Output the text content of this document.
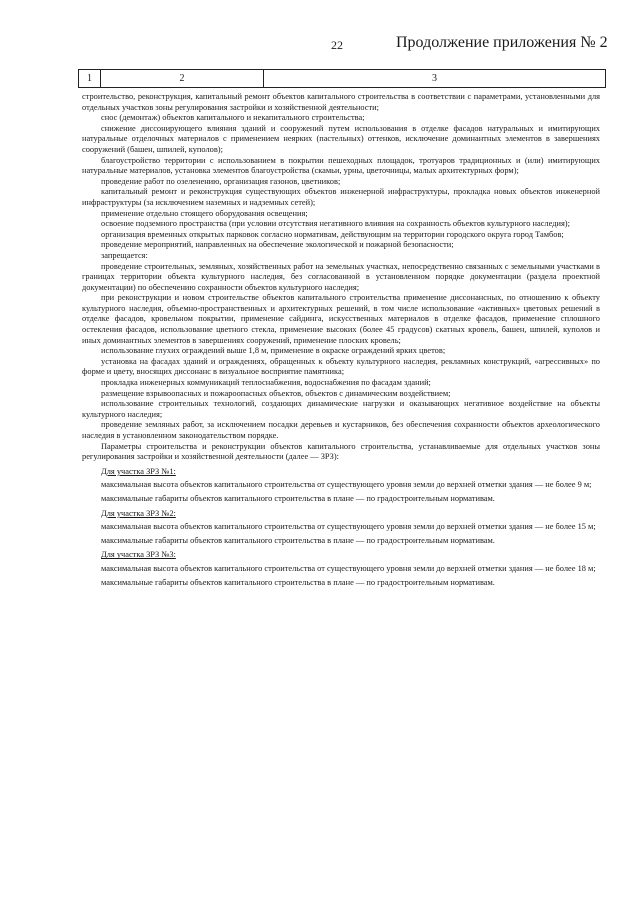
22	Продолжение приложения № 2
1	2	3

строительство, реконструкция, капитальный ремонт объектов капитального строительства в соответствии с параметрами, установленными для отдельных участков зоны регулирования застройки и хозяйственной деятельности;

снос (демонтаж) объектов капитального и некапитального строительства;

снижение диссонирующего влияния зданий и сооружений путем использования в отделке фасадов натуральных и имитирующих натуральные отделочных материалов с применением неярких (пастельных) оттенков, исключение доминантных элементов в завершениях сооружений (башен, шпилей, куполов);

благоустройство территории с использованием в покрытии пешеходных площадок, тротуаров традиционных и (или) имитирующих натуральные материалов, установка элементов благоустройства (скамьи, урны, цветочницы, малых архитектурных форм);

проведение работ по озеленению, организация газонов, цветников;

капитальный ремонт и реконструкция существующих объектов инженерной инфраструктуры, прокладка новых объектов инженерной инфраструктуры (за исключением наземных и надземных сетей);

применение отдельно стоящего оборудования освещения;

освоение подземного пространства (при условии отсутствия негативного влияния на сохранность объектов культурного наследия);

организация временных открытых парковок согласно нормативам, действующим на территории городского округа город Тамбов;

проведение мероприятий, направленных на обеспечение экологической и пожарной безопасности;

запрещается:

проведение строительных, земляных, хозяйственных работ на земельных участках, непосредственно связанных с земельными участками в границах территории объекта культурного наследия, без согласованной в установленном порядке документации (раздела проектной документации) по обеспечению сохранности объектов культурного наследия;

при реконструкции и новом строительстве объектов капитального строительства применение диссонансных, по отношению к объекту культурного наследия, объемно-пространственных и архитектурных решений, в том числе использование «активных» цветовых решений в отделке фасадов, кровельном покрытии, применение сайдинга, искусственных материалов в отделке фасадов, применение сплошного остекления фасадов, использование цветного стекла, применение высоких (более 45 градусов) скатных кровель, башен, шпилей, куполов и иных доминантных элементов в завершениях сооружений, применение плоских кровель;

использование глухих ограждений выше 1,8 м, применение в окраске ограждений ярких цветов;

установка на фасадах зданий и ограждениях, обращенных к объекту культурного наследия, рекламных конструкций, «агрессивных» по форме и цвету, вносящих диссонанс в визуальное восприятие памятника;

прокладка инженерных коммуникаций теплоснабжения, водоснабжения по фасадам зданий;

размещение взрывоопасных и пожароопасных объектов, объектов с динамическим воздействием;

использование строительных технологий, создающих динамические нагрузки и оказывающих негативное воздействие на объекты культурного наследия;

проведение земляных работ, за исключением посадки деревьев и кустарников, без обеспечения сохранности объектов археологического наследия в установленном законодательством порядке.

Параметры строительства и реконструкции объектов капитального строительства, устанавливаемые для отдельных участков зоны регулирования застройки и хозяйственной деятельности (далее — ЗРЗ):

Для участка ЗРЗ №1:

максимальная высота объектов капитального строительства от существующего уровня земли до верхней отметки здания — не более 9 м;

максимальные габариты объектов капитального строительства в плане — по градостроительным нормативам.

Для участка ЗРЗ №2:

максимальная высота объектов капитального строительства от существующего уровня земли до верхней отметки здания — не более 15 м;

максимальные габариты объектов капитального строительства в плане — по градостроительным нормативам.

Для участка ЗРЗ №3:

максимальная высота объектов капитального строительства от существующего уровня земли до верхней отметки здания — не более 18 м;

максимальные габариты объектов капитального строительства в плане — по градостроительным нормативам.
